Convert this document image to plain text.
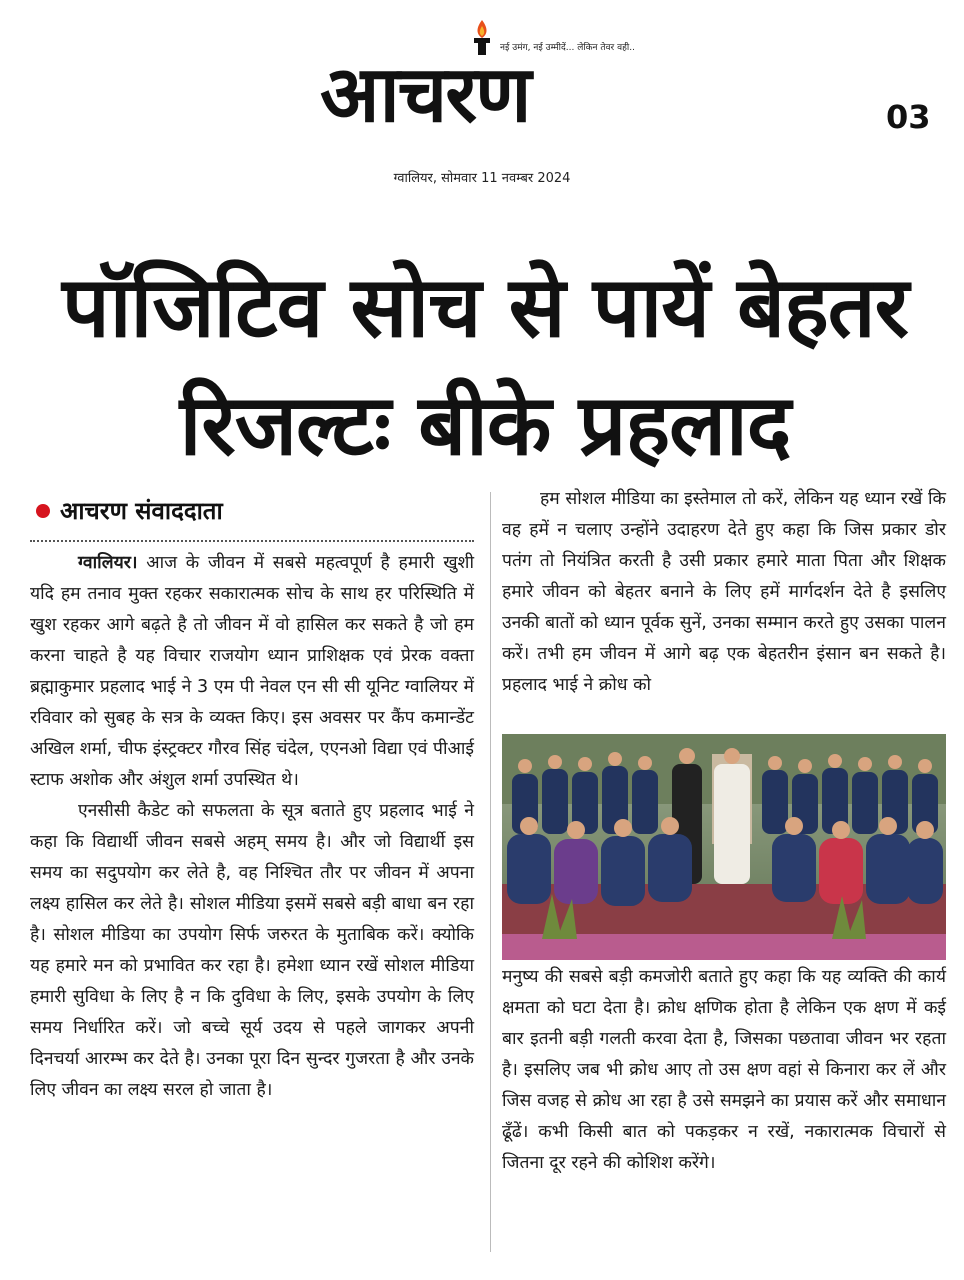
नई उमंग, नई उम्मीदें... लेकिन तेवर वही..
आचरण	03
ग्वालियर, सोमवार 11 नवम्बर 2024
पॉजिटिव सोच से पायें बेहतर
रिजल्टः बीके प्रहलाद
आचरण संवाददाता

ग्वालियर। आज के जीवन में सबसे महत्वपूर्ण है हमारी खुशी यदि हम तनाव मुक्त रहकर सकारात्मक सोच के साथ हर परिस्थिति में खुश रहकर आगे बढ़ते है तो जीवन में वो हासिल कर सकते है जो हम करना चाहते है यह विचार राजयोग ध्यान प्राशिक्षक एवं प्रेरक वक्ता ब्रह्माकुमार प्रहलाद भाई ने 3 एम पी नेवल एन सी सी यूनिट ग्वालियर में रविवार को सुबह के सत्र के व्यक्त किए। इस अवसर पर कैंप कमान्डेंट अखिल शर्मा, चीफ इंस्ट्रक्टर गौरव सिंह चंदेल, एएनओ विद्या एवं पीआई स्टाफ अशोक और अंशुल शर्मा उपस्थित थे।

एनसीसी कैडेट को सफलता के सूत्र बताते हुए प्रहलाद भाई ने कहा कि विद्यार्थी जीवन सबसे अहम् समय है। और जो विद्यार्थी इस समय का सदुपयोग कर लेते है, वह निश्चित तौर पर जीवन में अपना लक्ष्य हासिल कर लेते है। सोशल मीडिया इसमें सबसे बड़ी बाधा बन रहा है। सोशल मीडिया का उपयोग सिर्फ जरुरत के मुताबिक करें। क्योकि यह हमारे मन को प्रभावित कर रहा है। हमेशा ध्यान रखें सोशल मीडिया हमारी सुविधा के लिए है न कि दुविधा के लिए, इसके उपयोग के लिए समय निर्धारित करें। जो बच्चे सूर्य उदय से पहले जागकर अपनी दिनचर्या आरम्भ कर देते है। उनका पूरा दिन सुन्दर गुजरता है और उनके लिए जीवन का लक्ष्य सरल हो जाता है।

हम सोशल मीडिया का इस्तेमाल तो करें, लेकिन यह ध्यान रखें कि वह हमें न चलाए उन्होंने उदाहरण देते हुए कहा कि जिस प्रकार डोर पतंग तो नियंत्रित करती है उसी प्रकार हमारे माता पिता और शिक्षक हमारे जीवन को बेहतर बनाने के लिए हमें मार्गदर्शन देते है इसलिए उनकी बातों को ध्यान पूर्वक सुनें, उनका सम्मान करते हुए उसका पालन करें। तभी हम जीवन में आगे बढ़ एक बेहतरीन इंसान बन सकते है। प्रहलाद भाई ने क्रोध को

मनुष्य की सबसे बड़ी कमजोरी बताते हुए कहा कि यह व्यक्ति की कार्य क्षमता को घटा देता है। क्रोध क्षणिक होता है लेकिन एक क्षण में कई बार इतनी बड़ी गलती करवा देता है, जिसका पछतावा जीवन भर रहता है। इसलिए जब भी क्रोध आए तो उस क्षण वहां से किनारा कर लें और जिस वजह से क्रोध आ रहा है उसे समझने का प्रयास करें और समाधान ढूँढें। कभी किसी बात को पकड़कर न रखें, नकारात्मक विचारों से जितना दूर रहने की कोशिश करेंगे।
